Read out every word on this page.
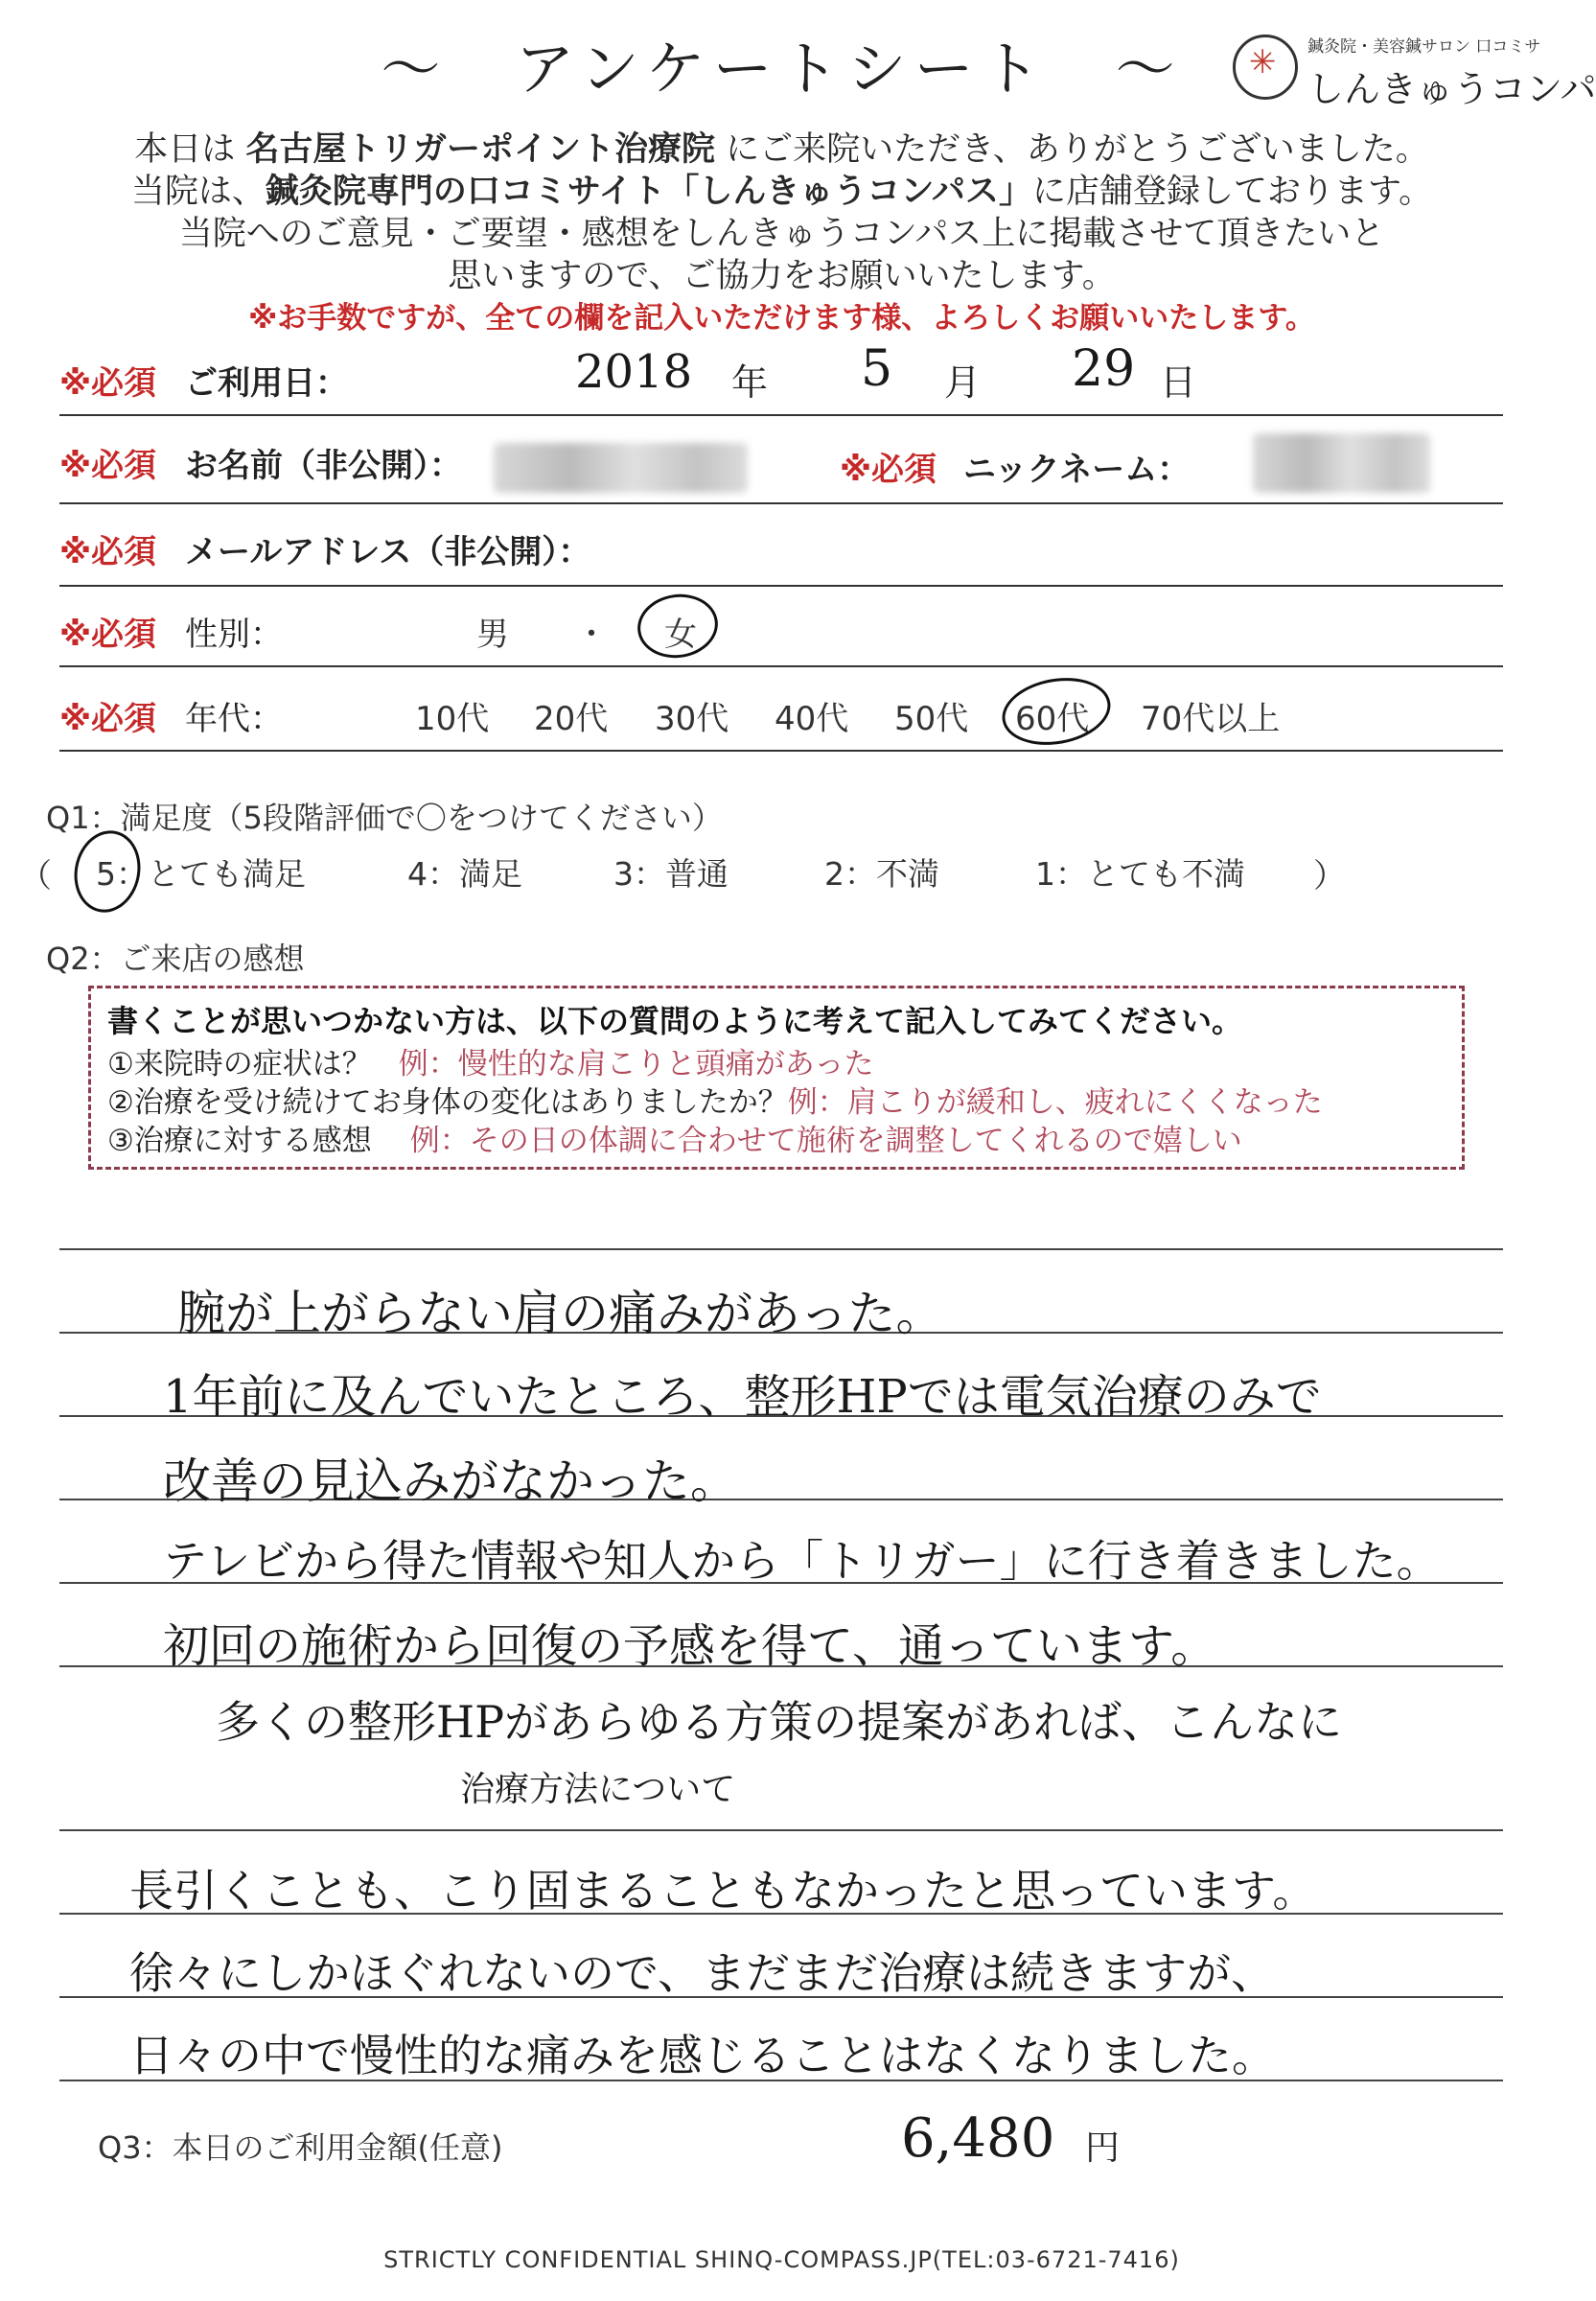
～　アンケートシート　～
✳	鍼灸院・美容鍼サロン 口コミサ
しんきゅうコンパ
本日は 名古屋トリガーポイント治療院 にご来院いただき、ありがとうございました。
当院は、鍼灸院専門の口コミサイト「しんきゅうコンパス」に店舗登録しております。
当院へのご意見・ご要望・感想をしんきゅうコンパス上に掲載させて頂きたいと
思いますので、ご協力をお願いいたします。
※お手数ですが、全ての欄を記入いただけます様、よろしくお願いいたします。
※必須 ご利用日：	2018 年 5 月 29 日
※必須 お名前（非公開）：	※必須 ニックネーム：
※必須 メールアドレス（非公開）：
※必須 性別：	男 ・ 女
※必須 年代：	10代 20代 30代 40代 50代 60代 70代以上
Q1：満足度（5段階評価で〇をつけてください）
（ 5：とても満足	4：満足	3：普通	2：不満	1：とても不満 ）
Q2：ご来店の感想
書くことが思いつかない方は、以下の質問のように考えて記入してみてください。
①来院時の症状は？ 例：慢性的な肩こりと頭痛があった
②治療を受け続けてお身体の変化はありましたか？例：肩こりが緩和し、疲れにくくなった
③治療に対する感想 例：その日の体調に合わせて施術を調整してくれるので嬉しい
腕が上がらない肩の痛みがあった。
1年前に及んでいたところ、整形HPでは電気治療のみで
改善の見込みがなかった。
テレビから得た情報や知人から「トリガー」に行き着きました。
初回の施術から回復の予感を得て、通っています。
多くの整形HPがあらゆる方策の提案があれば、こんなに
治療方法について
長引くことも、こり固まることもなかったと思っています。
徐々にしかほぐれないので、まだまだ治療は続きますが、
日々の中で慢性的な痛みを感じることはなくなりました。
Q3：本日のご利用金額(任意)	6,480 円
STRICTLY CONFIDENTIAL SHINQ-COMPASS.JP(TEL:03-6721-7416)
